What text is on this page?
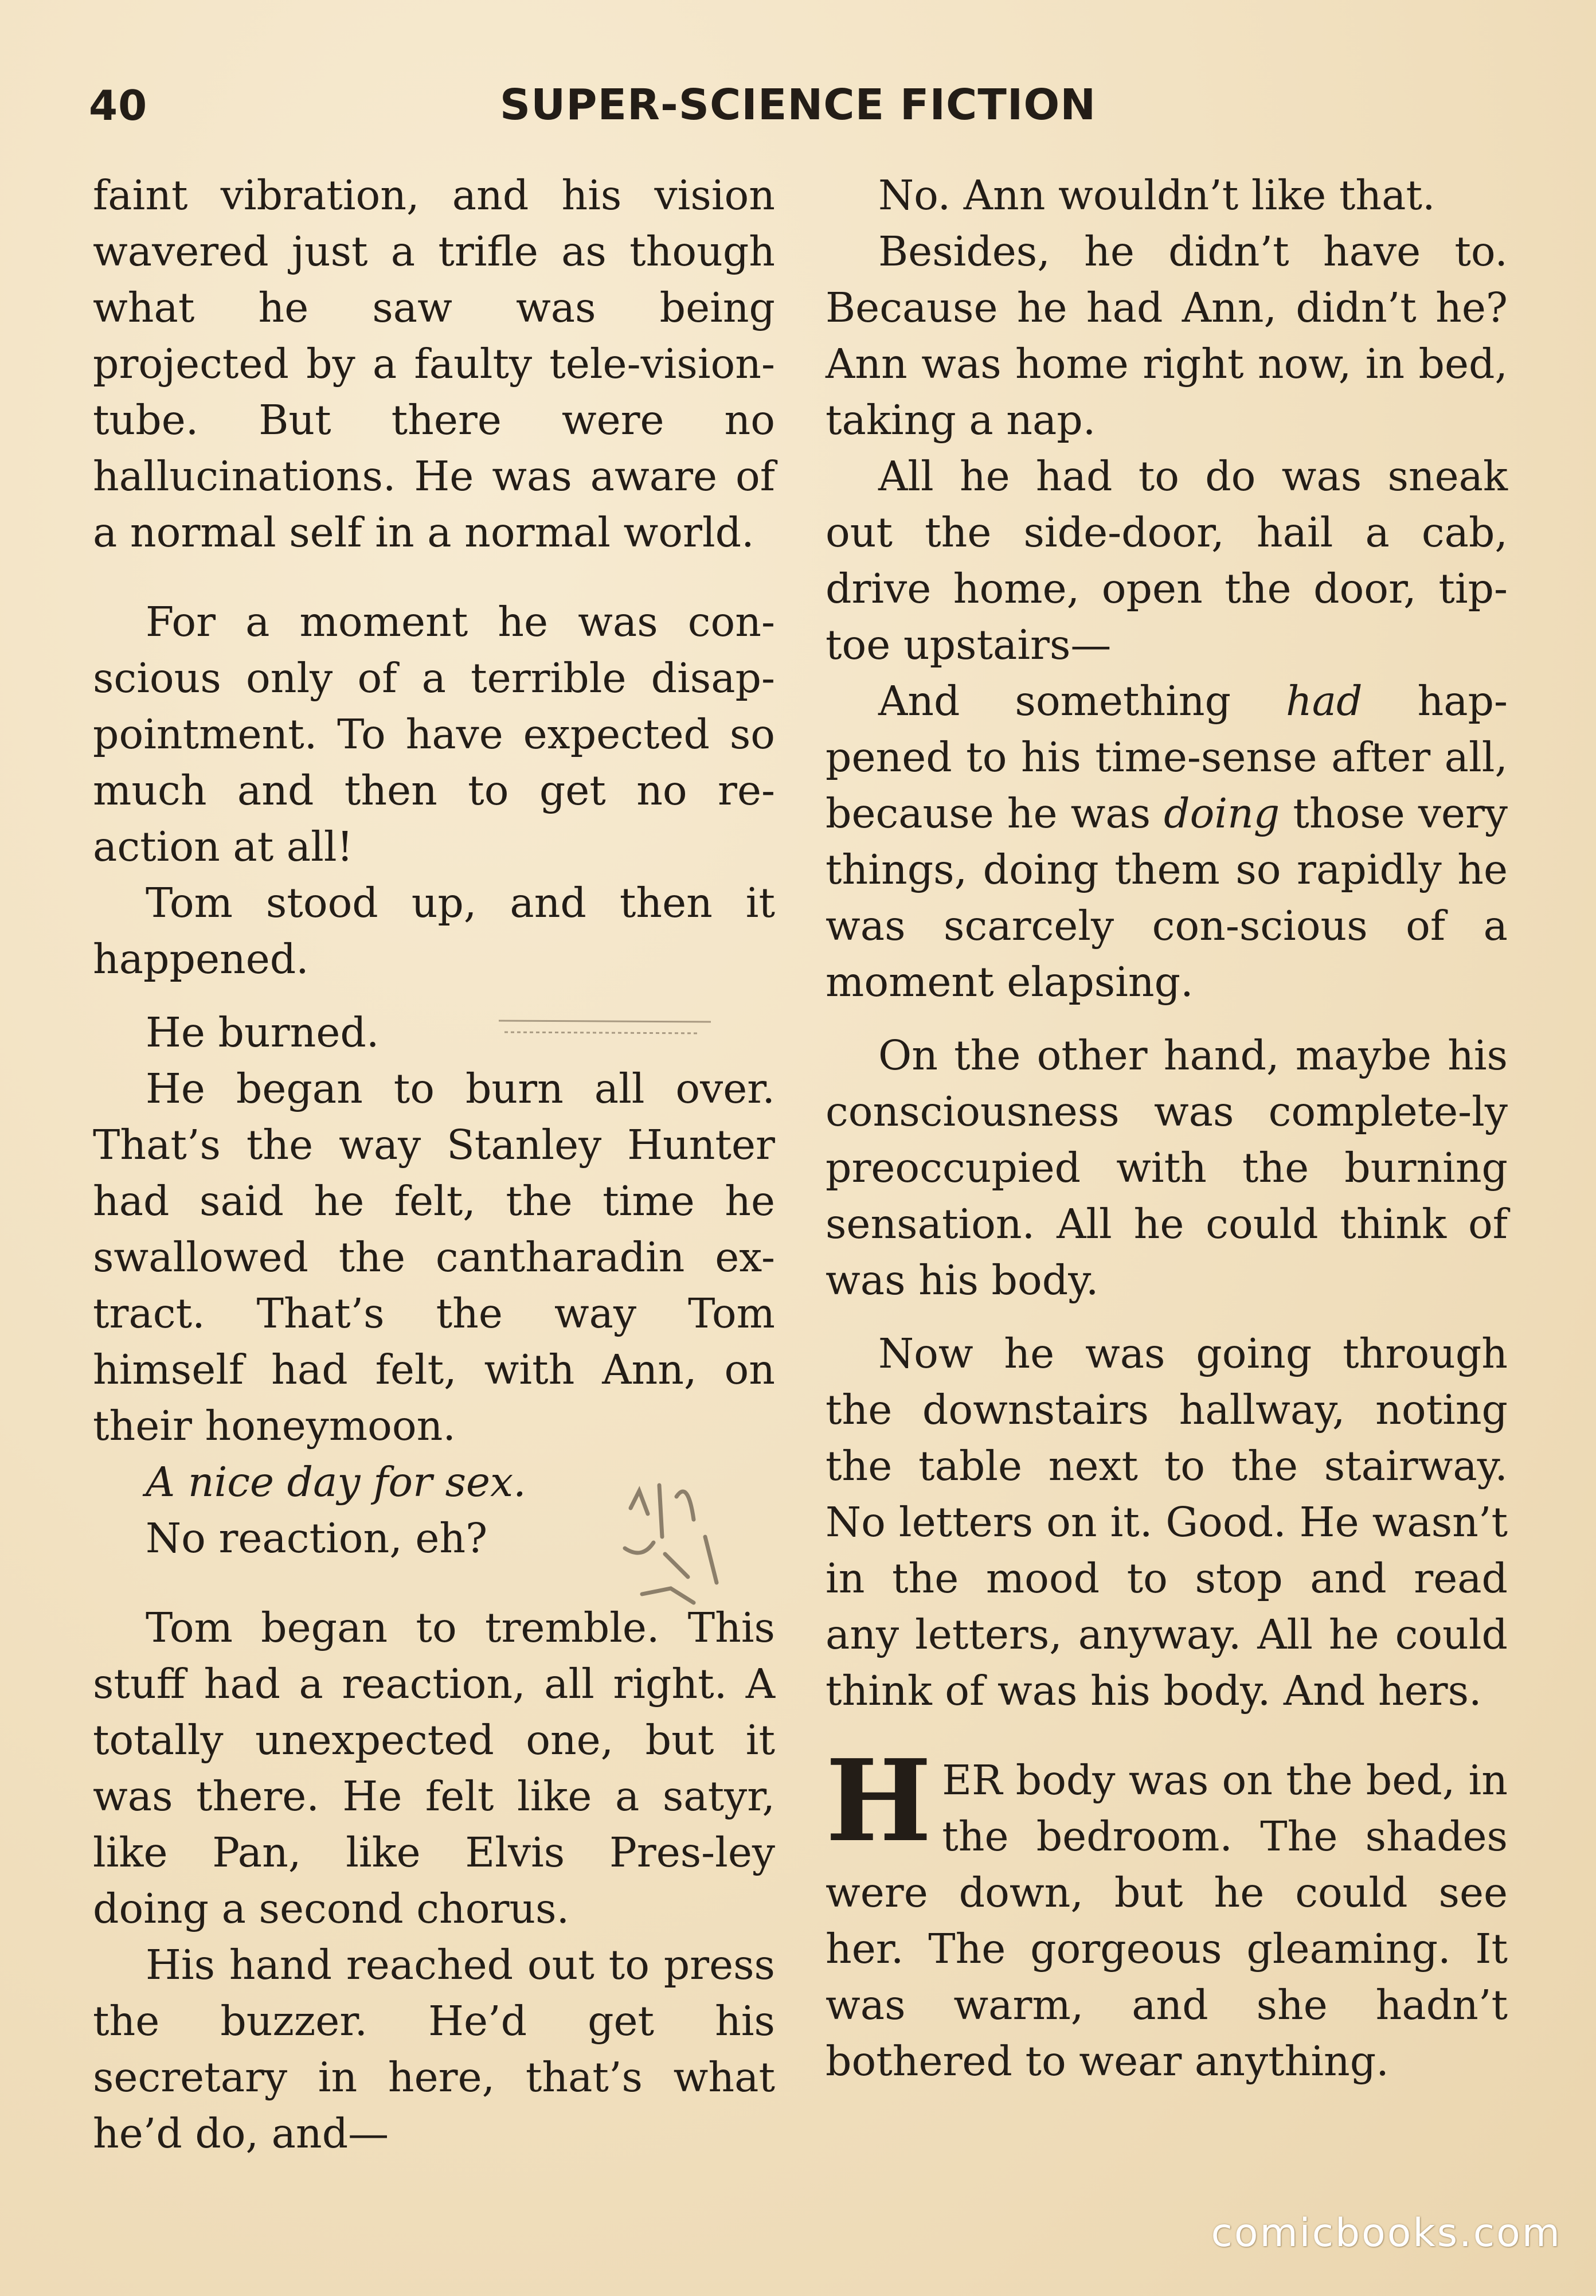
40	SUPER-SCIENCE FICTION

faint vibration, and his vision wavered just a trifle as though what he saw was being projected by a faulty tele-vision-tube. But there were no hallucinations. He was aware of a normal self in a normal world.

For a moment he was con-scious only of a terrible disap-pointment. To have expected so much and then to get no re-action at all!

Tom stood up, and then it happened.

He burned.

He began to burn all over. That’s the way Stanley Hunter had said he felt, the time he swallowed the cantharadin ex-tract. That’s the way Tom himself had felt, with Ann, on their honeymoon.

A nice day for sex.

No reaction, eh?

Tom began to tremble. This stuff had a reaction, all right. A totally unexpected one, but it was there. He felt like a satyr, like Pan, like Elvis Pres-ley doing a second chorus.

His hand reached out to press the buzzer. He’d get his secretary in here, that’s what he’d do, and—

No. Ann wouldn’t like that.

Besides, he didn’t have to. Because he had Ann, didn’t he? Ann was home right now, in bed, taking a nap.

All he had to do was sneak out the side-door, hail a cab, drive home, open the door, tip-toe upstairs—

And something had hap-pened to his time-sense after all, because he was doing those very things, doing them so rapidly he was scarcely con-scious of a moment elapsing.

On the other hand, maybe his consciousness was complete-ly preoccupied with the burning sensation. All he could think of was his body.

Now he was going through the downstairs hallway, noting the table next to the stairway. No letters on it. Good. He wasn’t in the mood to stop and read any letters, anyway. All he could think of was his body. And hers.

HER body was on the bed, in the bedroom. The shades were down, but he could see her. The gorgeous gleaming. It was warm, and she hadn’t bothered to wear anything.

comicbooks.com
